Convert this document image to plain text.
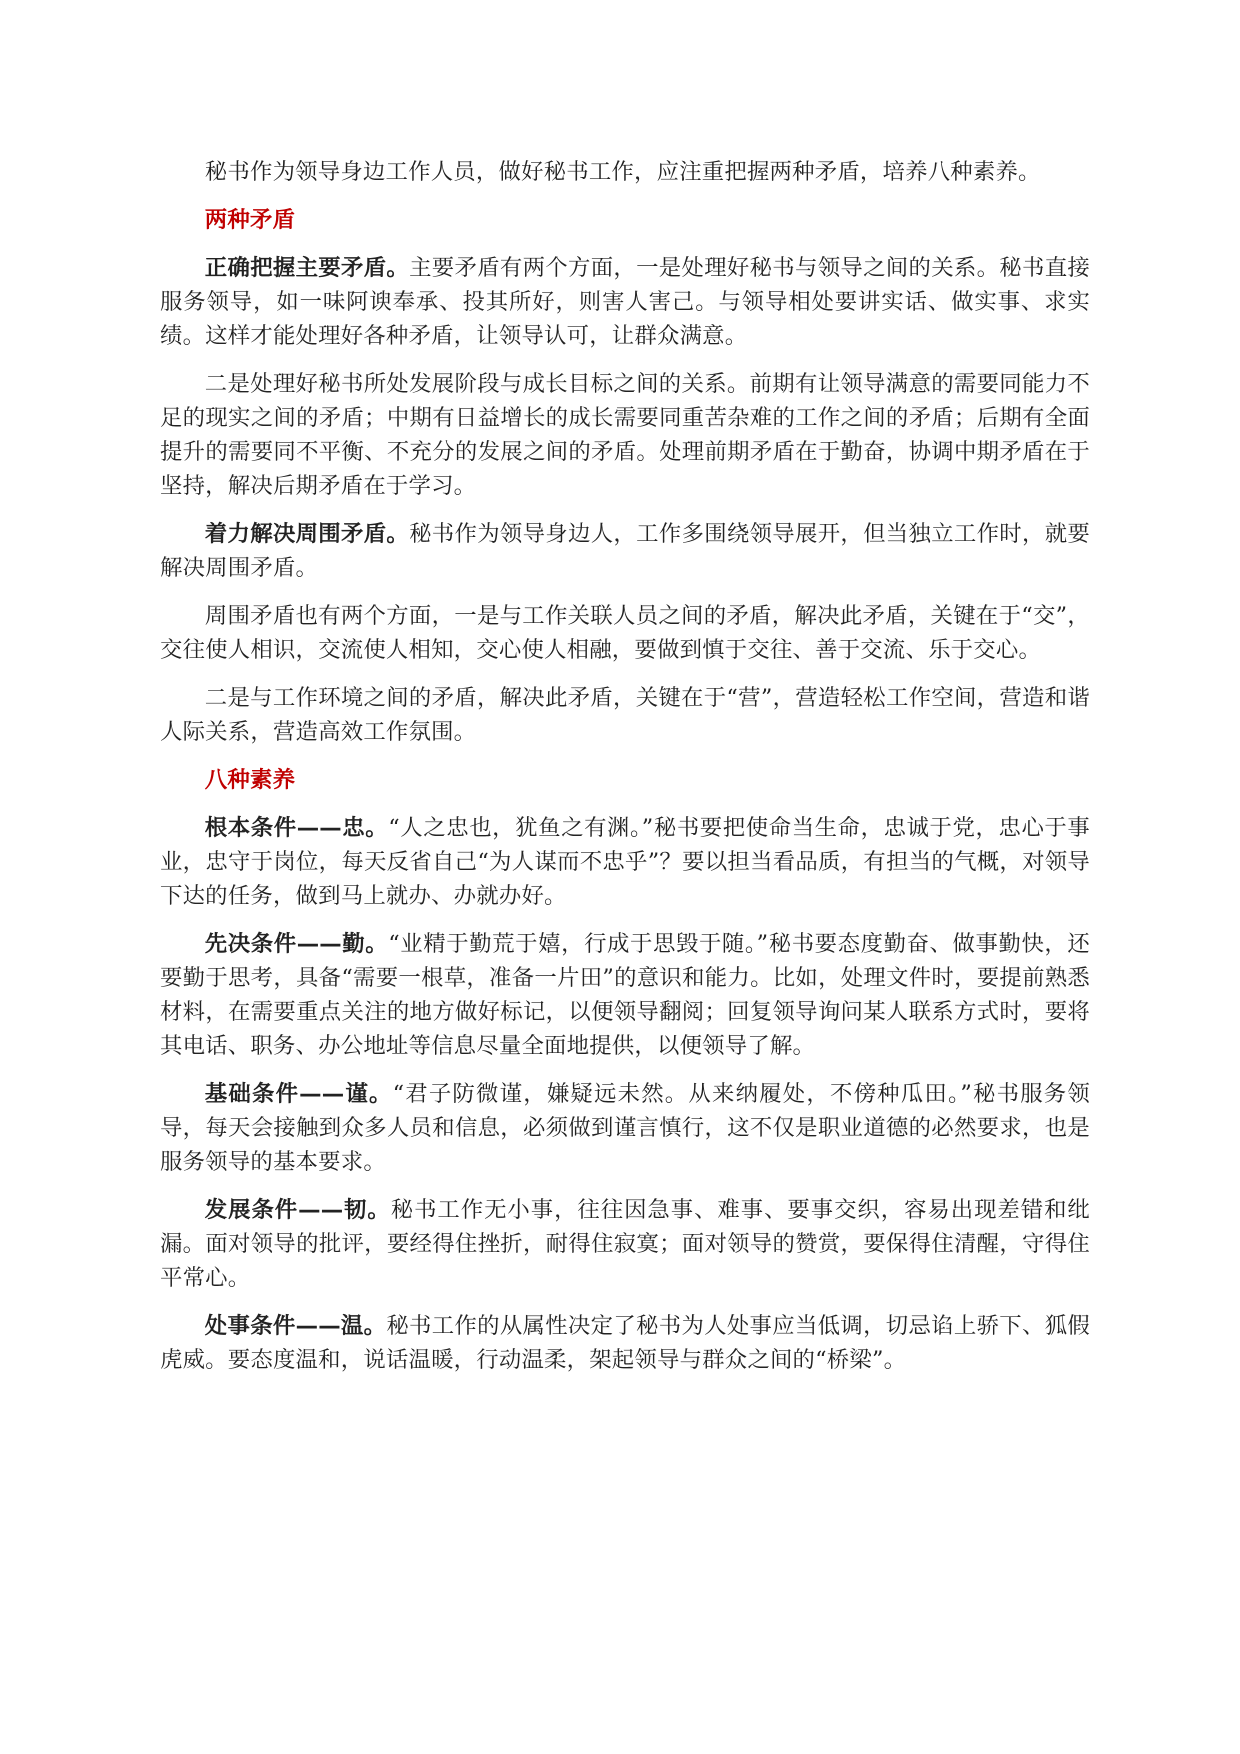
秘书作为领导身边工作人员，做好秘书工作，应注重把握两种矛盾，培养八种素养。

两种矛盾

正确把握主要矛盾。主要矛盾有两个方面，一是处理好秘书与领导之间的关系。秘书直接服务领导，如一味阿谀奉承、投其所好，则害人害己。与领导相处要讲实话、做实事、求实绩。这样才能处理好各种矛盾，让领导认可，让群众满意。

二是处理好秘书所处发展阶段与成长目标之间的关系。前期有让领导满意的需要同能力不足的现实之间的矛盾；中期有日益增长的成长需要同重苦杂难的工作之间的矛盾；后期有全面提升的需要同不平衡、不充分的发展之间的矛盾。处理前期矛盾在于勤奋，协调中期矛盾在于坚持，解决后期矛盾在于学习。

着力解决周围矛盾。秘书作为领导身边人，工作多围绕领导展开，但当独立工作时，就要解决周围矛盾。

周围矛盾也有两个方面，一是与工作关联人员之间的矛盾，解决此矛盾，关键在于“交”，交往使人相识，交流使人相知，交心使人相融，要做到慎于交往、善于交流、乐于交心。

二是与工作环境之间的矛盾，解决此矛盾，关键在于“营”，营造轻松工作空间，营造和谐人际关系，营造高效工作氛围。

八种素养

根本条件——忠。“人之忠也，犹鱼之有渊。”秘书要把使命当生命，忠诚于党，忠心于事业，忠守于岗位，每天反省自己“为人谋而不忠乎”？要以担当看品质，有担当的气概，对领导下达的任务，做到马上就办、办就办好。

先决条件——勤。“业精于勤荒于嬉，行成于思毁于随。”秘书要态度勤奋、做事勤快，还要勤于思考，具备“需要一根草，准备一片田”的意识和能力。比如，处理文件时，要提前熟悉材料，在需要重点关注的地方做好标记，以便领导翻阅；回复领导询问某人联系方式时，要将其电话、职务、办公地址等信息尽量全面地提供，以便领导了解。

基础条件——谨。“君子防微谨，嫌疑远未然。从来纳履处，不傍种瓜田。”秘书服务领导，每天会接触到众多人员和信息，必须做到谨言慎行，这不仅是职业道德的必然要求，也是服务领导的基本要求。

发展条件——韧。秘书工作无小事，往往因急事、难事、要事交织，容易出现差错和纰漏。面对领导的批评，要经得住挫折，耐得住寂寞；面对领导的赞赏，要保得住清醒，守得住平常心。

处事条件——温。秘书工作的从属性决定了秘书为人处事应当低调，切忌谄上骄下、狐假虎威。要态度温和，说话温暖，行动温柔，架起领导与群众之间的“桥梁”。
